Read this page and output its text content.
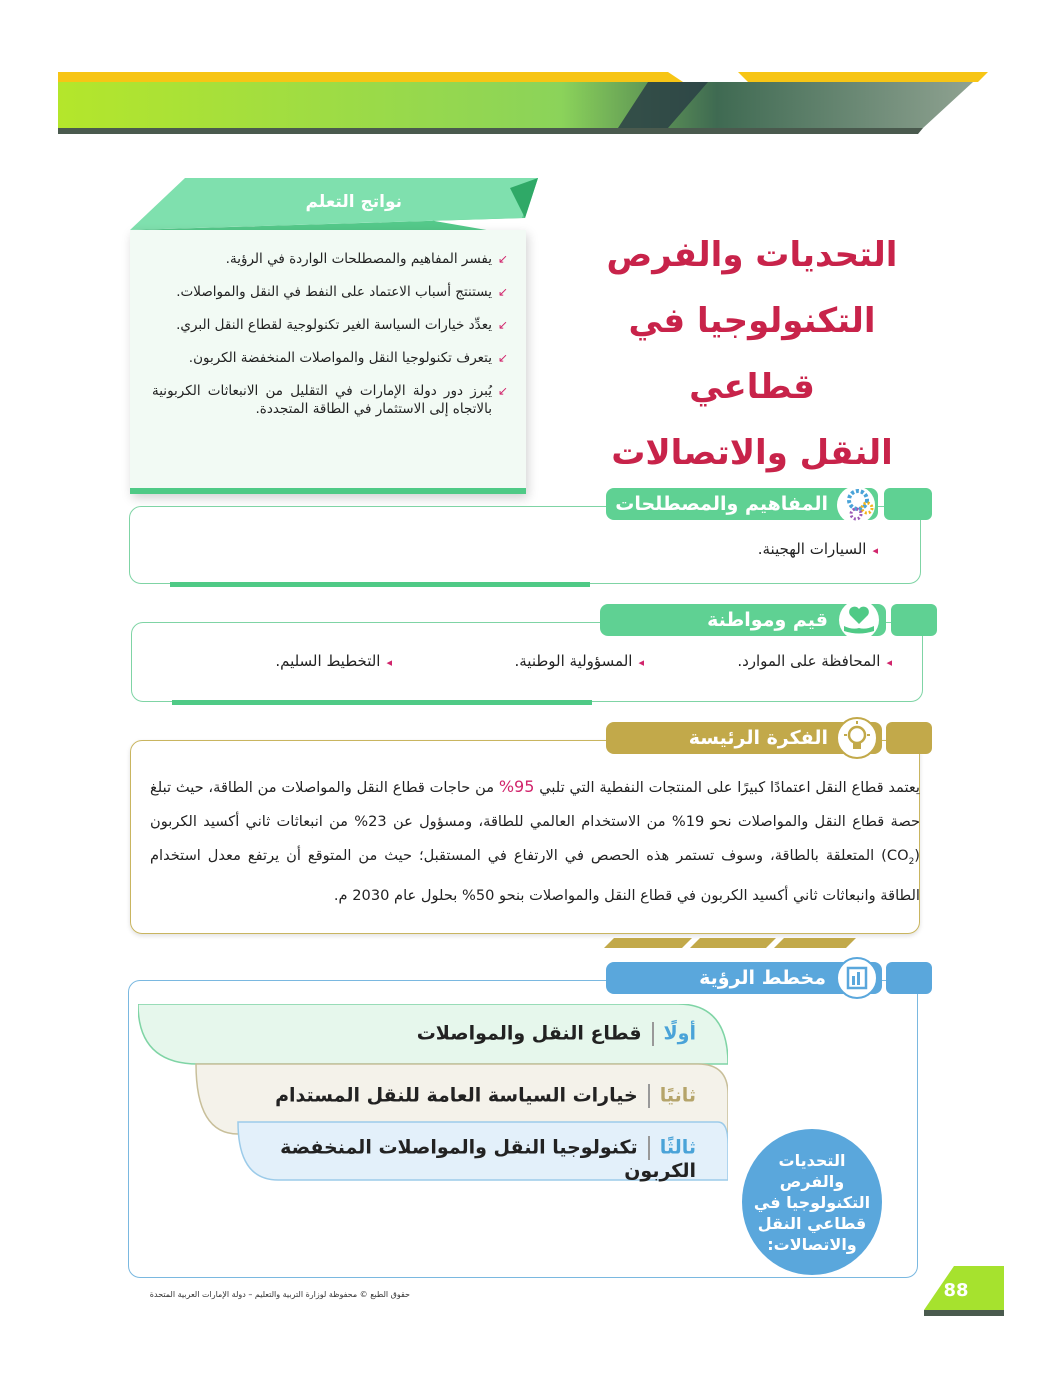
التحديات والفرص
التكنولوجيا في قطاعي
النقل والاتصالات
نواتج التعلم
↙
يفسر المفاهيم والمصطلحات الواردة في الرؤية.
↙
يستنتج أسباب الاعتماد على النفط في النقل والمواصلات.
↙
يعدِّد خيارات السياسة الغير تكنولوجية لقطاع النقل البري.
↙
يتعرف تكنولوجيا النقل والمواصلات المنخفضة الكربون.
↙
يُبرز دور دولة الإمارات في التقليل من الانبعاثات الكربونية بالاتجاه إلى الاستثمار في الطاقة المتجددة.
المفاهيم والمصطلحات
◂السيارات الهجينة.
قيم ومواطنة
◂المحافظة على الموارد.
◂المسؤولية الوطنية.
◂التخطيط السليم.
الفكرة الرئيسة
يعتمد قطاع النقل اعتمادًا كبيرًا على المنتجات النفطية التي تلبي 95% من حاجات قطاع النقل والمواصلات من الطاقة، حيث تبلغ حصة قطاع النقل والمواصلات نحو 19% من الاستخدام العالمي للطاقة، ومسؤول عن 23% من انبعاثات ثاني أكسيد الكربون $(CO_2)$ المتعلقة بالطاقة، وسوف تستمر هذه الحصص في الارتفاع في المستقبل؛ حيث من المتوقع أن يرتفع معدل استخدام الطاقة وانبعاثات ثاني أكسيد الكربون في قطاع النقل والمواصلات بنحو 50% بحلول عام 2030 م.
مخطط الرؤية
أولًاقطاع النقل والمواصلات
ثانيًاخيارات السياسة العامة للنقل المستدام
ثالثًاتكنولوجيا النقل والمواصلات المنخفضة الكربون	التحديات والفرص التكنولوجيا في قطاعي النقل والاتصالات:
حقوق الطبع © محفوظة لوزارة التربية والتعليم – دولة الإمارات العربية المتحدة	88
